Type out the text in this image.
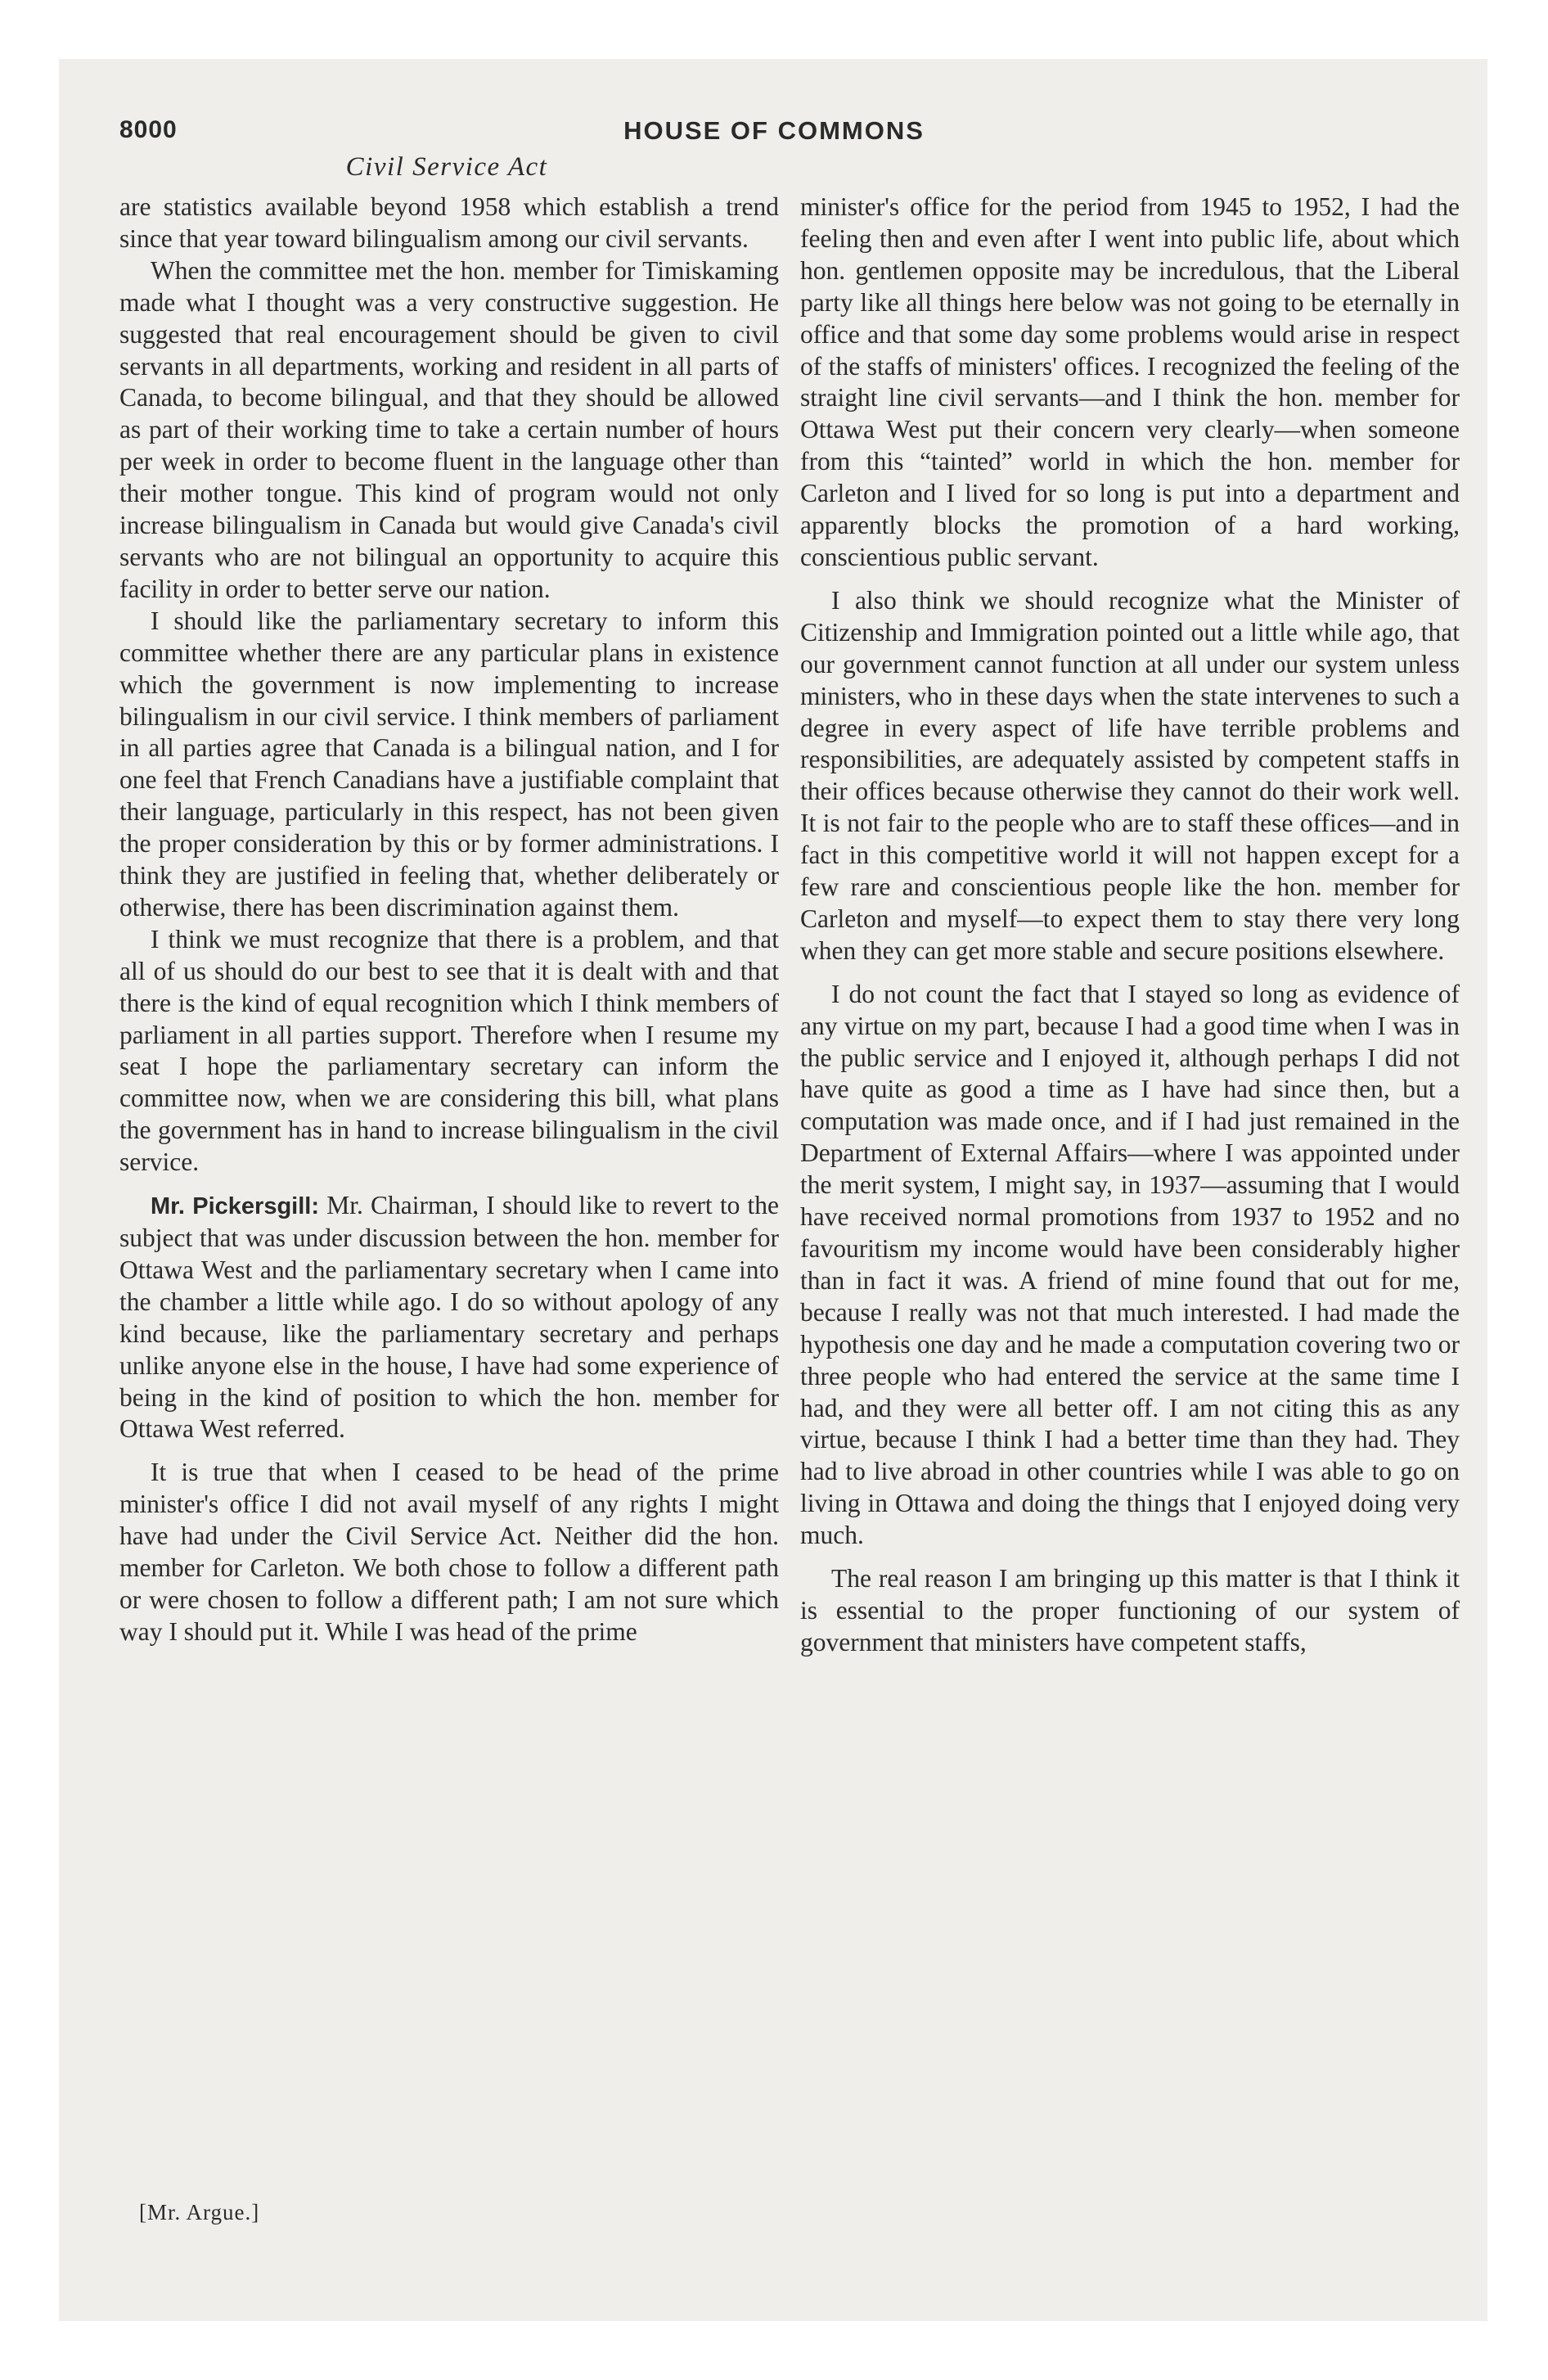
8000	HOUSE OF COMMONS
Civil Service Act

are statistics available beyond 1958 which establish a trend since that year toward bilingualism among our civil servants.

When the committee met the hon. member for Timiskaming made what I thought was a very constructive suggestion. He suggested that real encouragement should be given to civil servants in all departments, working and resident in all parts of Canada, to become bilingual, and that they should be allowed as part of their working time to take a certain number of hours per week in order to become fluent in the language other than their mother tongue. This kind of program would not only increase bilingualism in Canada but would give Canada's civil servants who are not bilingual an opportunity to acquire this facility in order to better serve our nation.

I should like the parliamentary secretary to inform this committee whether there are any particular plans in existence which the government is now implementing to increase bilingualism in our civil service. I think members of parliament in all parties agree that Canada is a bilingual nation, and I for one feel that French Canadians have a justifiable complaint that their language, particularly in this respect, has not been given the proper consideration by this or by former administrations. I think they are justified in feeling that, whether deliberately or otherwise, there has been discrimination against them.

I think we must recognize that there is a problem, and that all of us should do our best to see that it is dealt with and that there is the kind of equal recognition which I think members of parliament in all parties support. Therefore when I resume my seat I hope the parliamentary secretary can inform the committee now, when we are considering this bill, what plans the government has in hand to increase bilingualism in the civil service.

Mr. Pickersgill: Mr. Chairman, I should like to revert to the subject that was under discussion between the hon. member for Ottawa West and the parliamentary secretary when I came into the chamber a little while ago. I do so without apology of any kind because, like the parliamentary secretary and perhaps unlike anyone else in the house, I have had some experience of being in the kind of position to which the hon. member for Ottawa West referred.

It is true that when I ceased to be head of the prime minister's office I did not avail myself of any rights I might have had under the Civil Service Act. Neither did the hon. member for Carleton. We both chose to follow a different path or were chosen to follow a different path; I am not sure which way I should put it. While I was head of the prime

minister's office for the period from 1945 to 1952, I had the feeling then and even after I went into public life, about which hon. gentlemen opposite may be incredulous, that the Liberal party like all things here below was not going to be eternally in office and that some day some problems would arise in respect of the staffs of ministers' offices. I recognized the feeling of the straight line civil servants—and I think the hon. member for Ottawa West put their concern very clearly—when someone from this “tainted” world in which the hon. member for Carleton and I lived for so long is put into a department and apparently blocks the promotion of a hard working, conscientious public servant.

I also think we should recognize what the Minister of Citizenship and Immigration pointed out a little while ago, that our government cannot function at all under our system unless ministers, who in these days when the state intervenes to such a degree in every aspect of life have terrible problems and responsibilities, are adequately assisted by competent staffs in their offices because otherwise they cannot do their work well. It is not fair to the people who are to staff these offices—and in fact in this competitive world it will not happen except for a few rare and conscientious people like the hon. member for Carleton and myself—to expect them to stay there very long when they can get more stable and secure positions elsewhere.

I do not count the fact that I stayed so long as evidence of any virtue on my part, because I had a good time when I was in the public service and I enjoyed it, although perhaps I did not have quite as good a time as I have had since then, but a computation was made once, and if I had just remained in the Department of External Affairs—where I was appointed under the merit system, I might say, in 1937—assuming that I would have received normal promotions from 1937 to 1952 and no favouritism my income would have been considerably higher than in fact it was. A friend of mine found that out for me, because I really was not that much interested. I had made the hypothesis one day and he made a computation covering two or three people who had entered the service at the same time I had, and they were all better off. I am not citing this as any virtue, because I think I had a better time than they had. They had to live abroad in other countries while I was able to go on living in Ottawa and doing the things that I enjoyed doing very much.

The real reason I am bringing up this matter is that I think it is essential to the proper functioning of our system of government that ministers have competent staffs,

[Mr. Argue.]
